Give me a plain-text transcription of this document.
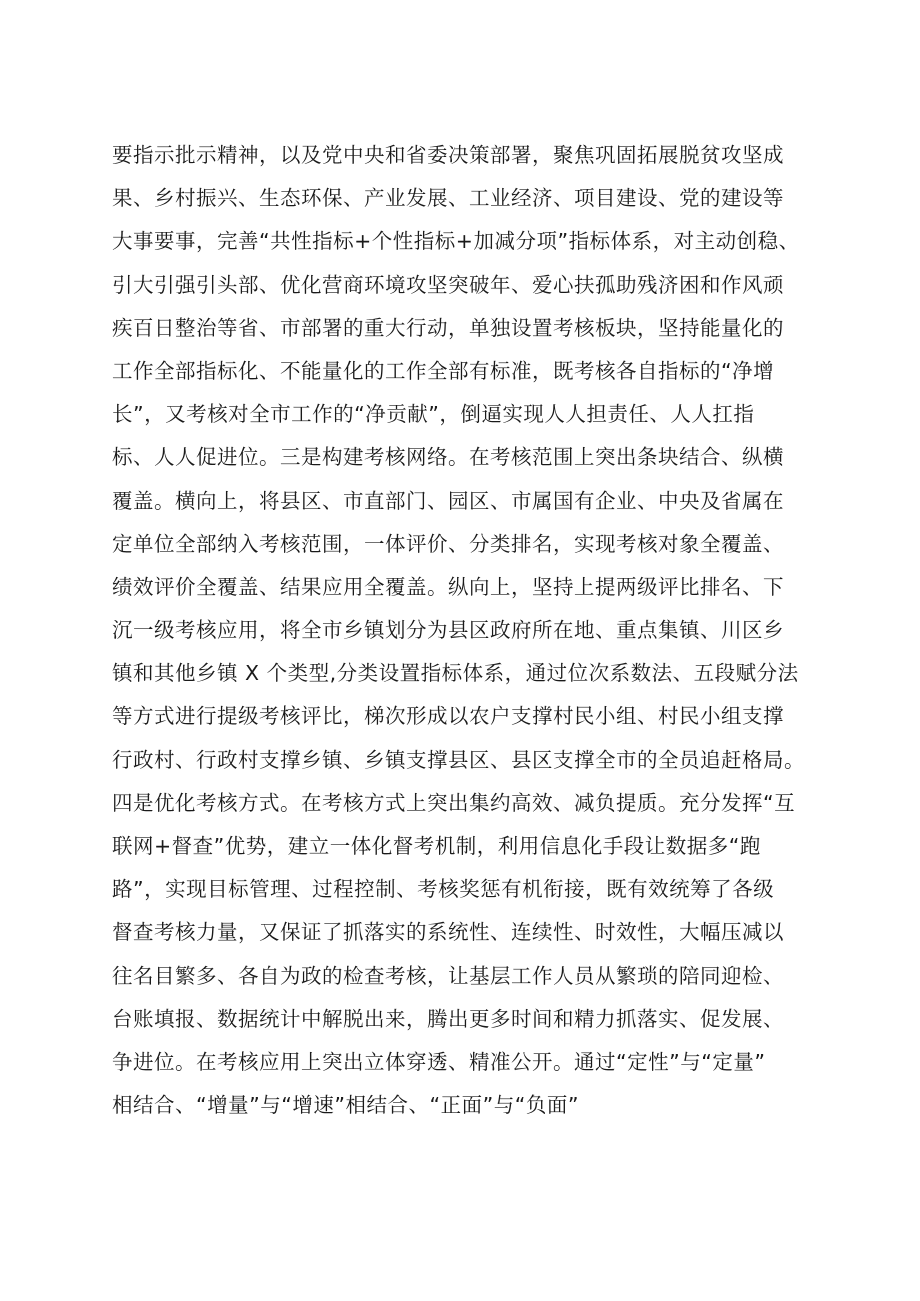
要指示批示精神，以及党中央和省委决策部署，聚焦巩固拓展脱贫攻坚成
果、乡村振兴、生态环保、产业发展、工业经济、项目建设、党的建设等
大事要事，完善“共性指标+个性指标+加减分项”指标体系，对主动创稳、
引大引强引头部、优化营商环境攻坚突破年、爱心扶孤助残济困和作风顽
疾百日整治等省、市部署的重大行动，单独设置考核板块，坚持能量化的
工作全部指标化、不能量化的工作全部有标准，既考核各自指标的“净增
长”，又考核对全市工作的“净贡献”，倒逼实现人人担责任、人人扛指
标、人人促进位。三是构建考核网络。在考核范围上突出条块结合、纵横
覆盖。横向上，将县区、市直部门、园区、市属国有企业、中央及省属在
定单位全部纳入考核范围，一体评价、分类排名，实现考核对象全覆盖、
绩效评价全覆盖、结果应用全覆盖。纵向上，坚持上提两级评比排名、下
沉一级考核应用，将全市乡镇划分为县区政府所在地、重点集镇、川区乡
镇和其他乡镇 X 个类型,分类设置指标体系，通过位次系数法、五段赋分法
等方式进行提级考核评比，梯次形成以农户支撑村民小组、村民小组支撑
行政村、行政村支撑乡镇、乡镇支撑县区、县区支撑全市的全员追赶格局。
四是优化考核方式。在考核方式上突出集约高效、减负提质。充分发挥“互
联网+督查”优势，建立一体化督考机制，利用信息化手段让数据多“跑
路”，实现目标管理、过程控制、考核奖惩有机衔接，既有效统筹了各级
督查考核力量，又保证了抓落实的系统性、连续性、时效性，大幅压减以
往名目繁多、各自为政的检查考核，让基层工作人员从繁琐的陪同迎检、
台账填报、数据统计中解脱出来，腾出更多时间和精力抓落实、促发展、
争进位。在考核应用上突出立体穿透、精准公开。通过“定性”与“定量”
相结合、“增量”与“增速”相结合、“正面”与“负面”
